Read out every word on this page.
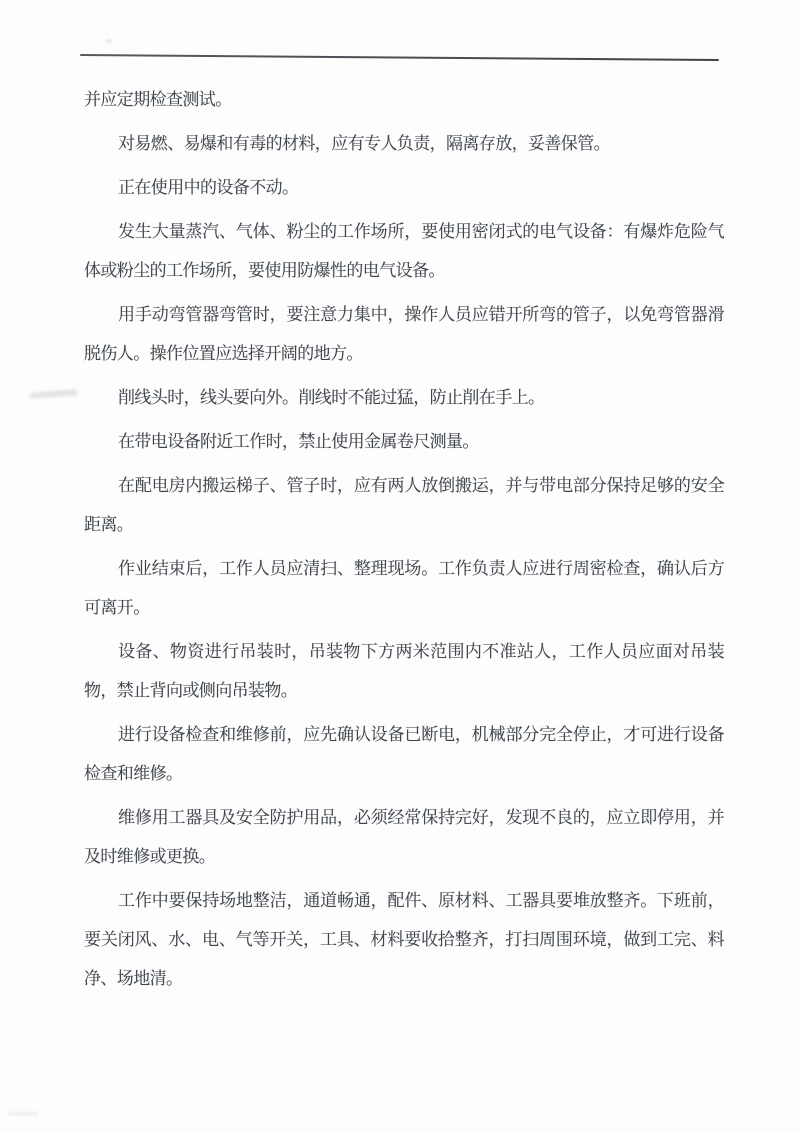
并应定期检查测试。

对易燃、易爆和有毒的材料，应有专人负责，隔离存放，妥善保管。

正在使用中的设备不动。

发生大量蒸汽、气体、粉尘的工作场所，要使用密闭式的电气设备：有爆炸危险气体或粉尘的工作场所，要使用防爆性的电气设备。

用手动弯管器弯管时，要注意力集中，操作人员应错开所弯的管子，以免弯管器滑脱伤人。操作位置应选择开阔的地方。

削线头时，线头要向外。削线时不能过猛，防止削在手上。

在带电设备附近工作时，禁止使用金属卷尺测量。

在配电房内搬运梯子、管子时，应有两人放倒搬运，并与带电部分保持足够的安全距离。

作业结束后，工作人员应清扫、整理现场。工作负责人应进行周密检查，确认后方可离开。

设备、物资进行吊装时，吊装物下方两米范围内不准站人，工作人员应面对吊装物，禁止背向或侧向吊装物。

进行设备检查和维修前，应先确认设备已断电，机械部分完全停止，才可进行设备检查和维修。

维修用工器具及安全防护用品，必须经常保持完好，发现不良的，应立即停用，并及时维修或更换。

工作中要保持场地整洁，通道畅通，配件、原材料、工器具要堆放整齐。下班前，要关闭风、水、电、气等开关，工具、材料要收拾整齐，打扫周围环境，做到工完、料净、场地清。
